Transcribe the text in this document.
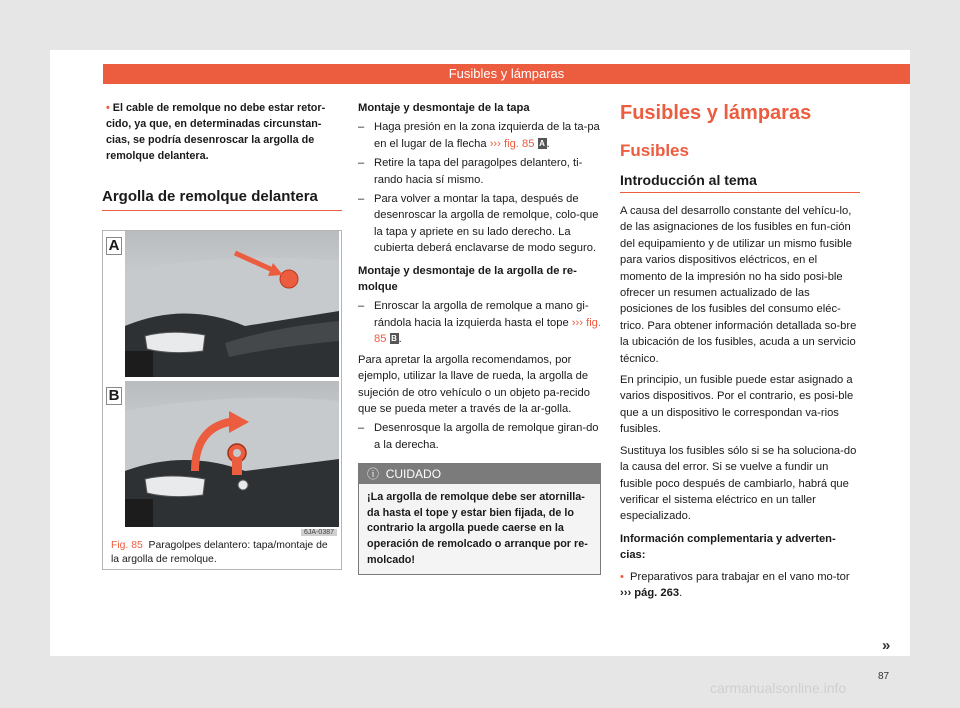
Fusibles y lámparas

• El cable de remolque no debe estar retor-cido, ya que, en determinadas circunstan-cias, se podría desenroscar la argolla de remolque delantera.

Argolla de remolque delantera
A
B
6JA-0387
Fig. 85 Paragolpes delantero: tapa/montaje de la argolla de remolque.

Montaje y desmontaje de la tapa

– Haga presión en la zona izquierda de la ta-pa en el lugar de la flecha ››› fig. 85 A .
– Retire la tapa del paragolpes delantero, ti-rando hacia sí mismo.
– Para volver a montar la tapa, después de desenroscar la argolla de remolque, colo-que la tapa y apriete en su lado derecho. La cubierta deberá enclavarse de modo seguro.

Montaje y desmontaje de la argolla de re-molque

– Enroscar la argolla de remolque a mano gi-rándola hacia la izquierda hasta el tope ››› fig. 85 B .

Para apretar la argolla recomendamos, por ejemplo, utilizar la llave de rueda, la argolla de sujeción de otro vehículo o un objeto pa-recido que se pueda meter a través de la ar-golla.

– Desenrosque la argolla de remolque giran-do a la derecha.
ⓘ CUIDADO
¡La argolla de remolque debe ser atornilla-da hasta el tope y estar bien fijada, de lo contrario la argolla puede caerse en la operación de remolcado o arranque por re-molcado!
Fusibles y lámparas
Fusibles
Introducción al tema

A causa del desarrollo constante del vehícu-lo, de las asignaciones de los fusibles en fun-ción del equipamiento y de utilizar un mismo fusible para varios dispositivos eléctricos, en el momento de la impresión no ha sido posi-ble ofrecer un resumen actualizado de las posiciones de los fusibles del consumo eléc-trico. Para obtener información detallada so-bre la ubicación de los fusibles, acuda a un servicio técnico.

En principio, un fusible puede estar asignado a varios dispositivos. Por el contrario, es posi-ble que a un dispositivo le correspondan va-rios fusibles.

Sustituya los fusibles sólo si se ha soluciona-do la causa del error. Si se vuelve a fundir un fusible poco después de cambiarlo, habrá que verificar el sistema eléctrico en un taller especializado.

Información complementaria y adverten-cias:

• Preparativos para trabajar en el vano mo-tor ››› pág. 263.

»
87
carmanualsonline.info
